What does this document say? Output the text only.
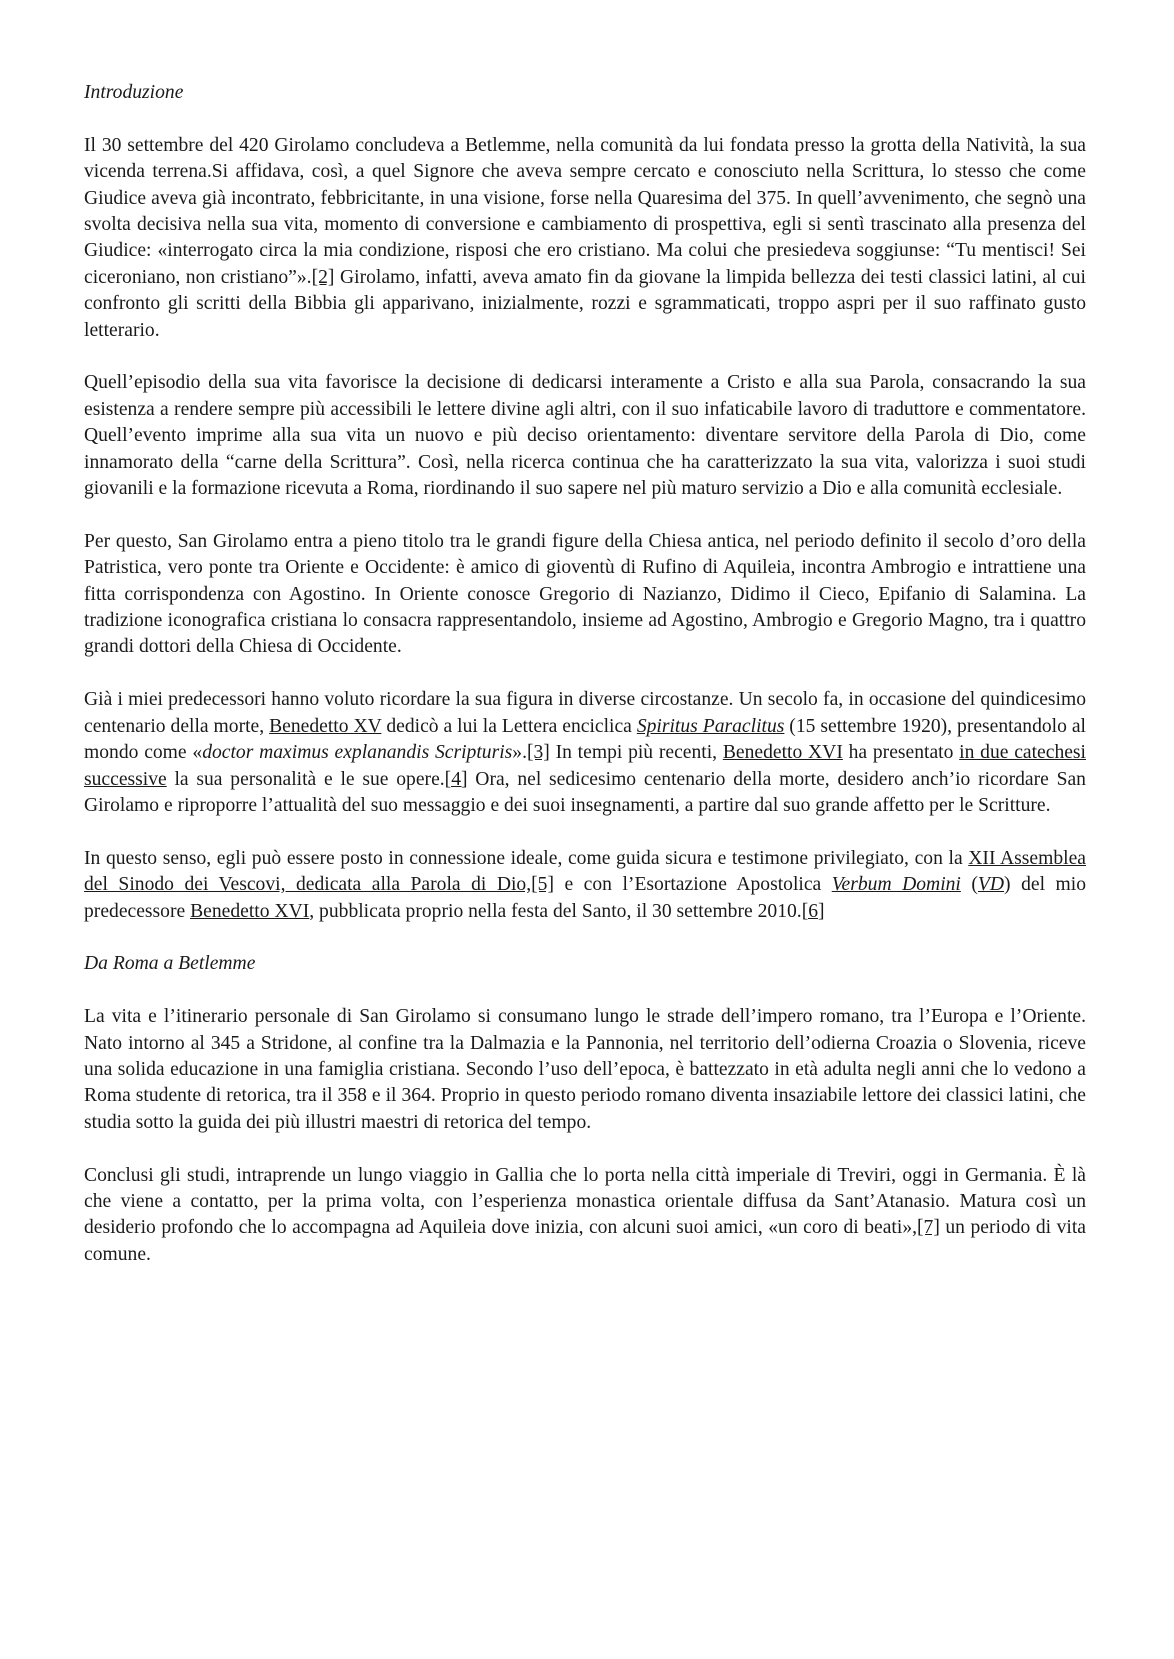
Introduzione

Il 30 settembre del 420 Girolamo concludeva a Betlemme, nella comunità da lui fondata presso la grotta della Natività, la sua vicenda terrena.Si affidava, così, a quel Signore che aveva sempre cercato e conosciuto nella Scrittura, lo stesso che come Giudice aveva già incontrato, febbricitante, in una visione, forse nella Quaresima del 375. In quell’avvenimento, che segnò una svolta decisiva nella sua vita, momento di conversione e cambiamento di prospettiva, egli si sentì trascinato alla presenza del Giudice: «interrogato circa la mia condizione, risposi che ero cristiano. Ma colui che presiedeva soggiunse: “Tu mentisci! Sei ciceroniano, non cristiano”».[2] Girolamo, infatti, aveva amato fin da giovane la limpida bellezza dei testi classici latini, al cui confronto gli scritti della Bibbia gli apparivano, inizialmente, rozzi e sgrammaticati, troppo aspri per il suo raffinato gusto letterario.

Quell’episodio della sua vita favorisce la decisione di dedicarsi interamente a Cristo e alla sua Parola, consacrando la sua esistenza a rendere sempre più accessibili le lettere divine agli altri, con il suo infaticabile lavoro di traduttore e commentatore. Quell’evento imprime alla sua vita un nuovo e più deciso orientamento: diventare servitore della Parola di Dio, come innamorato della “carne della Scrittura”. Così, nella ricerca continua che ha caratterizzato la sua vita, valorizza i suoi studi giovanili e la formazione ricevuta a Roma, riordinando il suo sapere nel più maturo servizio a Dio e alla comunità ecclesiale.

Per questo, San Girolamo entra a pieno titolo tra le grandi figure della Chiesa antica, nel periodo definito il secolo d’oro della Patristica, vero ponte tra Oriente e Occidente: è amico di gioventù di Rufino di Aquileia, incontra Ambrogio e intrattiene una fitta corrispondenza con Agostino. In Oriente conosce Gregorio di Nazianzo, Didimo il Cieco, Epifanio di Salamina. La tradizione iconografica cristiana lo consacra rappresentandolo, insieme ad Agostino, Ambrogio e Gregorio Magno, tra i quattro grandi dottori della Chiesa di Occidente.

Già i miei predecessori hanno voluto ricordare la sua figura in diverse circostanze. Un secolo fa, in occasione del quindicesimo centenario della morte, Benedetto XV dedicò a lui la Lettera enciclica Spiritus Paraclitus (15 settembre 1920), presentandolo al mondo come «doctor maximus explanandis Scripturis».[3] In tempi più recenti, Benedetto XVI ha presentato in due catechesi successive la sua personalità e le sue opere.[4] Ora, nel sedicesimo centenario della morte, desidero anch’io ricordare San Girolamo e riproporre l’attualità del suo messaggio e dei suoi insegnamenti, a partire dal suo grande affetto per le Scritture.

In questo senso, egli può essere posto in connessione ideale, come guida sicura e testimone privilegiato, con la XII Assemblea del Sinodo dei Vescovi, dedicata alla Parola di Dio,[5] e con l’Esortazione Apostolica Verbum Domini (VD) del mio predecessore Benedetto XVI, pubblicata proprio nella festa del Santo, il 30 settembre 2010.[6]

Da Roma a Betlemme

La vita e l’itinerario personale di San Girolamo si consumano lungo le strade dell’impero romano, tra l’Europa e l’Oriente. Nato intorno al 345 a Stridone, al confine tra la Dalmazia e la Pannonia, nel territorio dell’odierna Croazia o Slovenia, riceve una solida educazione in una famiglia cristiana. Secondo l’uso dell’epoca, è battezzato in età adulta negli anni che lo vedono a Roma studente di retorica, tra il 358 e il 364. Proprio in questo periodo romano diventa insaziabile lettore dei classici latini, che studia sotto la guida dei più illustri maestri di retorica del tempo.

Conclusi gli studi, intraprende un lungo viaggio in Gallia che lo porta nella città imperiale di Treviri, oggi in Germania. È là che viene a contatto, per la prima volta, con l’esperienza monastica orientale diffusa da Sant’Atanasio. Matura così un desiderio profondo che lo accompagna ad Aquileia dove inizia, con alcuni suoi amici, «un coro di beati»,[7] un periodo di vita comune.
